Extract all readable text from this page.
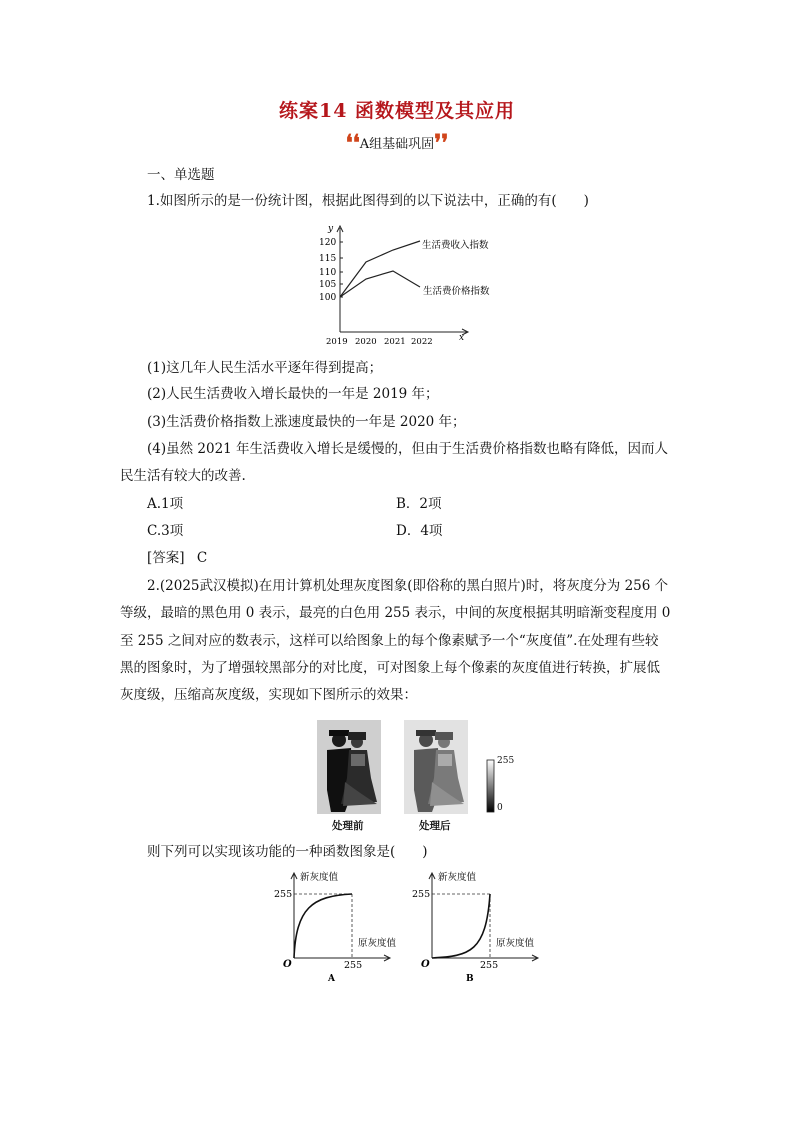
练案14 函数模型及其应用
❛❛ A组基础巩固 ❜❜
一、单选题
1.如图所示的是一份统计图，根据此图得到的以下说法中，正确的有(　　)
y
x
120
115
110
105
100
2019 2020 2021 2022
生活费收入指数
生活费价格指数
(1)这几年人民生活水平逐年得到提高；
(2)人民生活费收入增长最快的一年是 2019 年；
(3)生活费价格指数上涨速度最快的一年是 2020 年；
(4)虽然 2021 年生活费收入增长是缓慢的，但由于生活费价格指数也略有降低，因而人
民生活有较大的改善.
A.1项	B．2项
C.3项	D．4项
[答案] C
2.(2025武汉模拟)在用计算机处理灰度图象(即俗称的黑白照片)时，将灰度分为 256 个
等级，最暗的黑色用 0 表示，最亮的白色用 255 表示，中间的灰度根据其明暗渐变程度用 0
至 255 之间对应的数表示，这样可以给图象上的每个像素赋予一个“灰度值”.在处理有些较
黑的图象时，为了增强较黑部分的对比度，可对图象上每个像素的灰度值进行转换，扩展低
灰度级，压缩高灰度级，实现如下图所示的效果：
处理前	处理后
255
0
则下列可以实现该功能的一种函数图象是(　　)
新灰度值
255
原灰度值
255
O
A
新灰度值
255
原灰度值
255
O
B
